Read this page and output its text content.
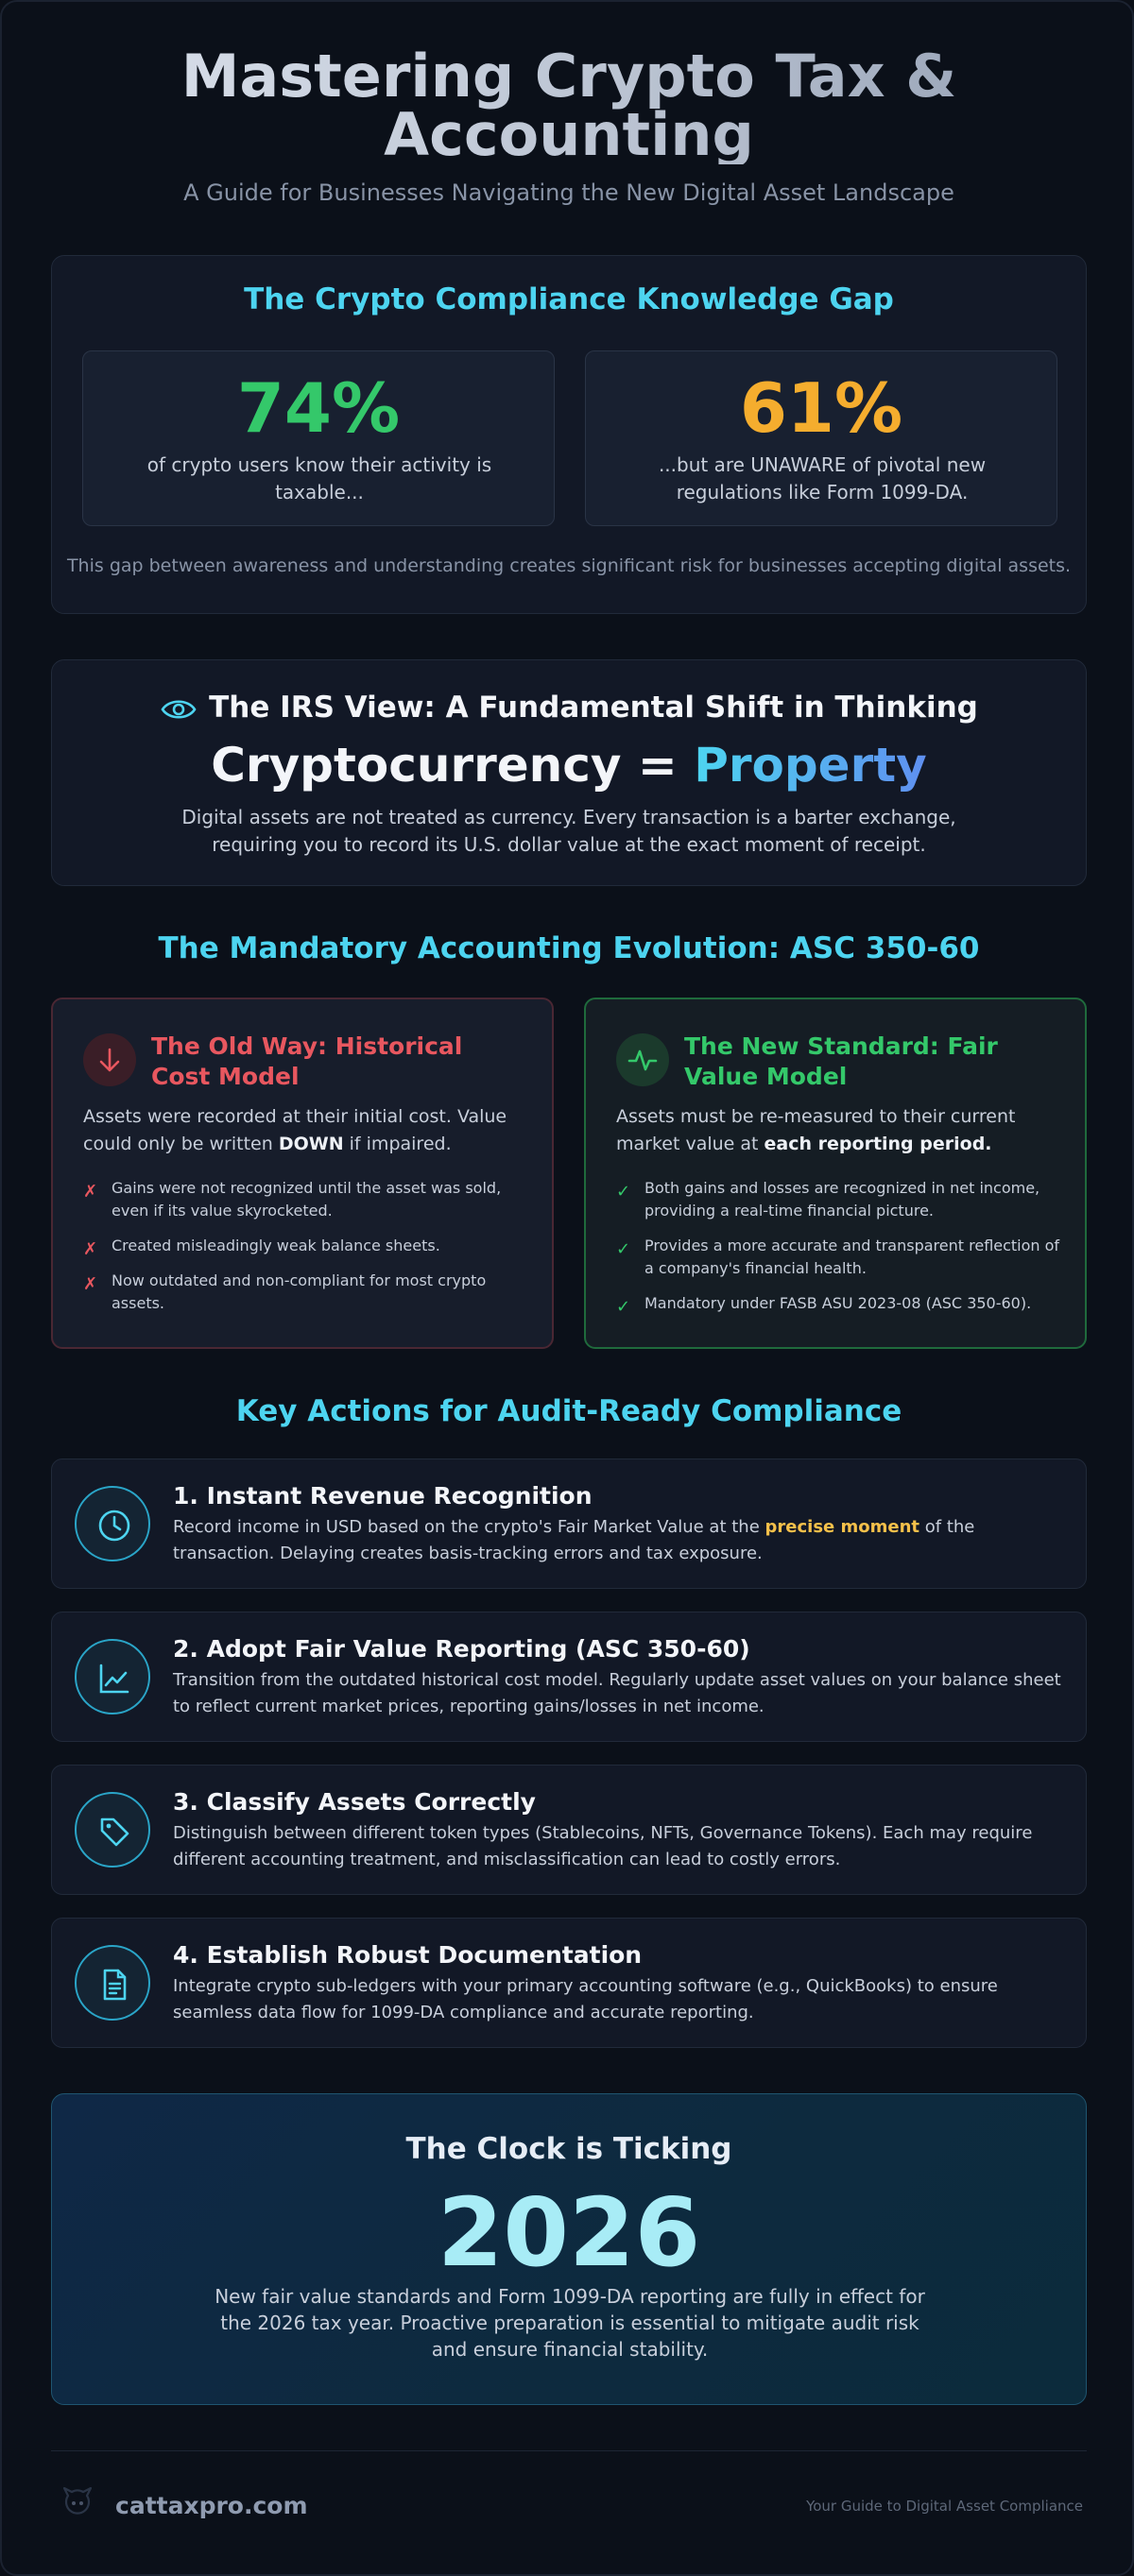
Mastering Crypto Tax &
Accounting
A Guide for Businesses Navigating the New Digital Asset Landscape
The Crypto Compliance Knowledge Gap
74%
of crypto users know their activity is taxable...
61%
...but are UNAWARE of pivotal new regulations like Form 1099-DA.
This gap between awareness and understanding creates significant risk for businesses accepting digital assets.
The IRS View: A Fundamental Shift in Thinking
Cryptocurrency = Property
Digital assets are not treated as currency. Every transaction is a barter exchange, requiring you to record its U.S. dollar value at the exact moment of receipt.
The Mandatory Accounting Evolution: ASC 350-60
The Old Way: Historical Cost Model
Assets were recorded at their initial cost. Value could only be written DOWN if impaired.
✗ Gains were not recognized until the asset was sold, even if its value skyrocketed.
✗ Created misleadingly weak balance sheets.
✗ Now outdated and non-compliant for most crypto assets.
The New Standard: Fair Value Model
Assets must be re-measured to their current market value at each reporting period.
✓ Both gains and losses are recognized in net income, providing a real-time financial picture.
✓ Provides a more accurate and transparent reflection of a company's financial health.
✓ Mandatory under FASB ASU 2023-08 (ASC 350-60).
Key Actions for Audit-Ready Compliance
1. Instant Revenue Recognition
Record income in USD based on the crypto's Fair Market Value at the precise moment of the transaction. Delaying creates basis-tracking errors and tax exposure.
2. Adopt Fair Value Reporting (ASC 350-60)
Transition from the outdated historical cost model. Regularly update asset values on your balance sheet to reflect current market prices, reporting gains/losses in net income.
3. Classify Assets Correctly
Distinguish between different token types (Stablecoins, NFTs, Governance Tokens). Each may require different accounting treatment, and misclassification can lead to costly errors.
4. Establish Robust Documentation
Integrate crypto sub-ledgers with your primary accounting software (e.g., QuickBooks) to ensure seamless data flow for 1099-DA compliance and accurate reporting.
The Clock is Ticking
2026
New fair value standards and Form 1099-DA reporting are fully in effect for the 2026 tax year. Proactive preparation is essential to mitigate audit risk and ensure financial stability.
cattaxpro.com	Your Guide to Digital Asset Compliance
